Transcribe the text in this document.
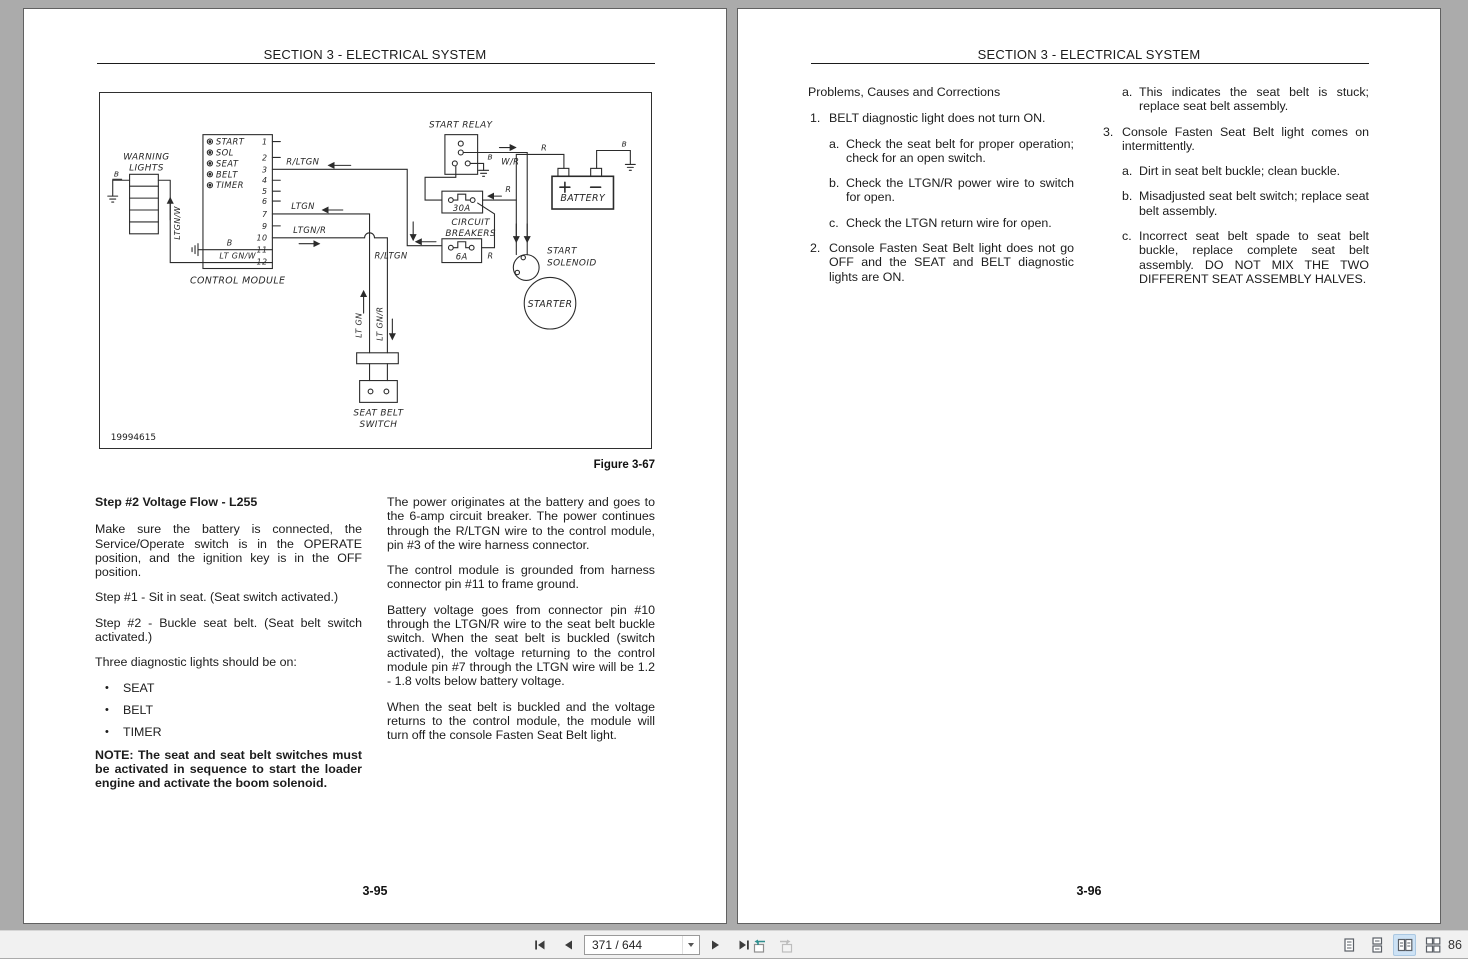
SECTION 3 - ELECTRICAL SYSTEM
WARNING
LIGHTS
B
LTGN/W
START
SOL
SEAT
BELT
TIMER
1
2
3
4
5
6
7
9
10
11
12
CONTROL MODULE
R/LTGN
LTGN
LTGN/R
B
LT GN/W
LT GN LT GN/R
R/LTGN
30A
6A
CIRCUIT
BREAKERS
START RELAY
W/R
B
BATTERY
R	B
R
R	START
SOLENOID
STARTER
SEAT BELT
SWITCH
19994615
Figure 3-67

Step #2 Voltage Flow - L255

Make sure the battery is connected, the Service/Operate switch is in the OPERATE position, and the ignition key is in the OFF position.

Step #1 - Sit in seat. (Seat switch activated.)

Step #2 - Buckle seat belt. (Seat belt switch activated.)

Three diagnostic lights should be on:

• SEAT
• BELT
• TIMER

NOTE: The seat and seat belt switches must be activated in sequence to start the loader engine and activate the boom solenoid.

The power originates at the battery and goes to the 6-amp circuit breaker. The power continues through the R/LTGN wire to the control module, pin #3 of the wire harness connector.

The control module is grounded from harness connector pin #11 to frame ground.

Battery voltage goes from connector pin #10 through the LTGN/R wire to the seat belt buckle switch. When the seat belt is buckled (switch activated), the voltage returning to the control module pin #7 through the LTGN wire will be 1.2 - 1.8 volts below battery voltage.

When the seat belt is buckled and the voltage returns to the control module, the module will turn off the console Fasten Seat Belt light.

3-95
SECTION 3 - ELECTRICAL SYSTEM

Problems, Causes and Corrections

1. BELT diagnostic light does not turn ON.
a. Check the seat belt for proper operation; check for an open switch.
b. Check the LTGN/R power wire to switch for open.
c. Check the LTGN return wire for open.
2. Console Fasten Seat Belt light does not go OFF and the SEAT and BELT diagnostic lights are ON.
a. This indicates the seat belt is stuck; replace seat belt assembly.
3. Console Fasten Seat Belt light comes on intermittently.
a. Dirt in seat belt buckle; clean buckle.
b. Misadjusted seat belt switch; replace seat belt assembly.
c. Incorrect seat belt spade to seat belt buckle, replace complete seat belt assembly. DO NOT MIX THE TWO DIFFERENT SEAT ASSEMBLY HALVES.
3-96
371 / 644	86
